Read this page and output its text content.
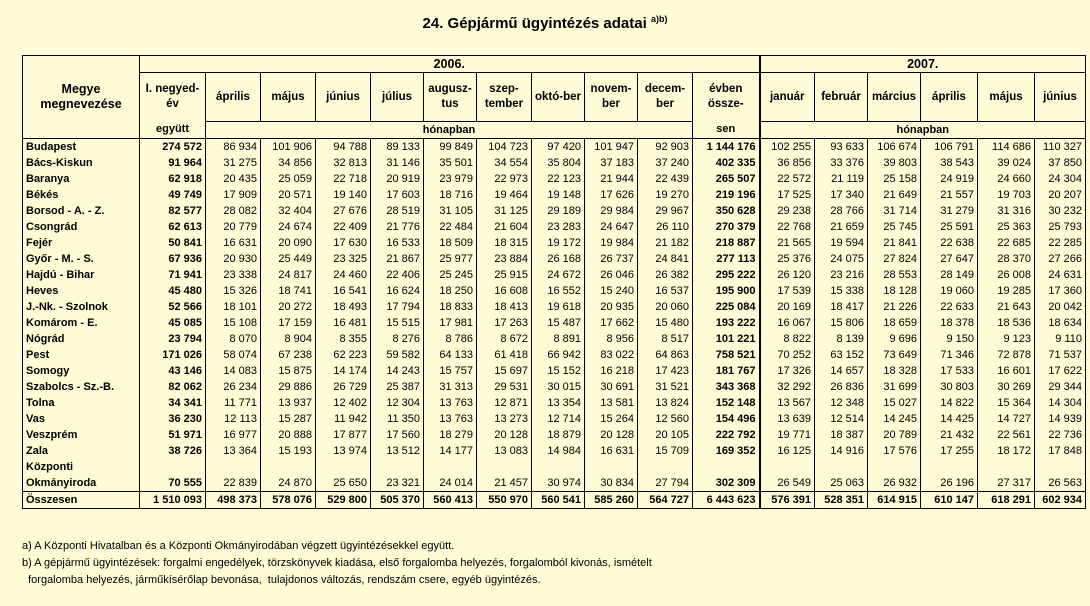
24. Gépjármű ügyintézés adatai $^{a)b)}$
Megye megnevezése	2006.											2007.					
	I. negyed-év	április	május	június	július	augusz-tus	szep-tember	októ-ber	novem-ber	decem-ber	évben össze-	január	február	március	április	május	június
	együtt	hónapban									sen	hónapban					
Budapest	274 572	86 934	101 906	94 788	89 133	99 849	104 723	97 420	101 947	92 903	1 144 176	102 255	93 633	106 674	106 791	114 686	110 327
Bács-Kiskun	91 964	31 275	34 856	32 813	31 146	35 501	34 554	35 804	37 183	37 240	402 335	36 856	33 376	39 803	38 543	39 024	37 850
Baranya	62 918	20 435	25 059	22 718	20 919	23 979	22 973	22 123	21 944	22 439	265 507	22 572	21 119	25 158	24 919	24 660	24 304
Békés	49 749	17 909	20 571	19 140	17 603	18 716	19 464	19 148	17 626	19 270	219 196	17 525	17 340	21 649	21 557	19 703	20 207
Borsod - A. - Z.	82 577	28 082	32 404	27 676	28 519	31 105	31 125	29 189	29 984	29 967	350 628	29 238	28 766	31 714	31 279	31 316	30 232
Csongrád	62 613	20 779	24 674	22 409	21 776	22 484	21 604	23 283	24 647	26 110	270 379	22 768	21 659	25 745	25 591	25 363	25 793
Fejér	50 841	16 631	20 090	17 630	16 533	18 509	18 315	19 172	19 984	21 182	218 887	21 565	19 594	21 841	22 638	22 685	22 285
Győr - M. - S.	67 936	20 930	25 449	23 325	21 867	25 977	23 884	26 168	26 737	24 841	277 113	25 376	24 075	27 824	27 647	28 370	27 266
Hajdú - Bihar	71 941	23 338	24 817	24 460	22 406	25 245	25 915	24 672	26 046	26 382	295 222	26 120	23 216	28 553	28 149	26 008	24 631
Heves	45 480	15 326	18 741	16 541	16 624	18 250	16 608	16 552	15 240	16 537	195 900	17 539	15 338	18 128	19 060	19 285	17 360
J.-Nk. - Szolnok	52 566	18 101	20 272	18 493	17 794	18 833	18 413	19 618	20 935	20 060	225 084	20 169	18 417	21 226	22 633	21 643	20 042
Komárom - E.	45 085	15 108	17 159	16 481	15 515	17 981	17 263	15 487	17 662	15 480	193 222	16 067	15 806	18 659	18 378	18 536	18 634
Nógrád	23 794	8 070	8 904	8 355	8 276	8 786	8 672	8 891	8 956	8 517	101 221	8 822	8 139	9 696	9 150	9 123	9 110
Pest	171 026	58 074	67 238	62 223	59 582	64 133	61 418	66 942	83 022	64 863	758 521	70 252	63 152	73 649	71 346	72 878	71 537
Somogy	43 146	14 083	15 875	14 174	14 243	15 757	15 697	15 152	16 218	17 423	181 767	17 326	14 657	18 328	17 533	16 601	17 622
Szabolcs - Sz.-B.	82 062	26 234	29 886	26 729	25 387	31 313	29 531	30 015	30 691	31 521	343 368	32 292	26 836	31 699	30 803	30 269	29 344
Tolna	34 341	11 771	13 937	12 402	12 304	13 763	12 871	13 354	13 581	13 824	152 148	13 567	12 348	15 027	14 822	15 364	14 304
Vas	36 230	12 113	15 287	11 942	11 350	13 763	13 273	12 714	15 264	12 560	154 496	13 639	12 514	14 245	14 425	14 727	14 939
Veszprém	51 971	16 977	20 888	17 877	17 560	18 279	20 128	18 879	20 128	20 105	222 792	19 771	18 387	20 789	21 432	22 561	22 736
Zala	38 726	13 364	15 193	13 974	13 512	14 177	13 083	14 984	16 631	15 709	169 352	16 125	14 916	17 576	17 255	18 172	17 848
Központi																	
Okmányiroda	70 555	22 839	24 870	25 650	23 321	24 014	21 457	30 974	30 834	27 794	302 309	26 549	25 063	26 932	26 196	27 317	26 563
Összesen	1 510 093	498 373	578 076	529 800	505 370	560 413	550 970	560 541	585 260	564 727	6 443 623	576 391	528 351	614 915	610 147	618 291	602 934
a) A Központi Hivatalban és a Központi Okmányirodában végzett ügyintézésekkel együtt.
b) A gépjármű ügyintézések: forgalmi engedélyek, törzskönyvek kiadása, első forgalomba helyezés, forgalomból kivonás, ismételt
forgalomba helyezés, járműkísérőlap bevonása,  tulajdonos változás, rendszám csere, egyéb ügyintézés.
